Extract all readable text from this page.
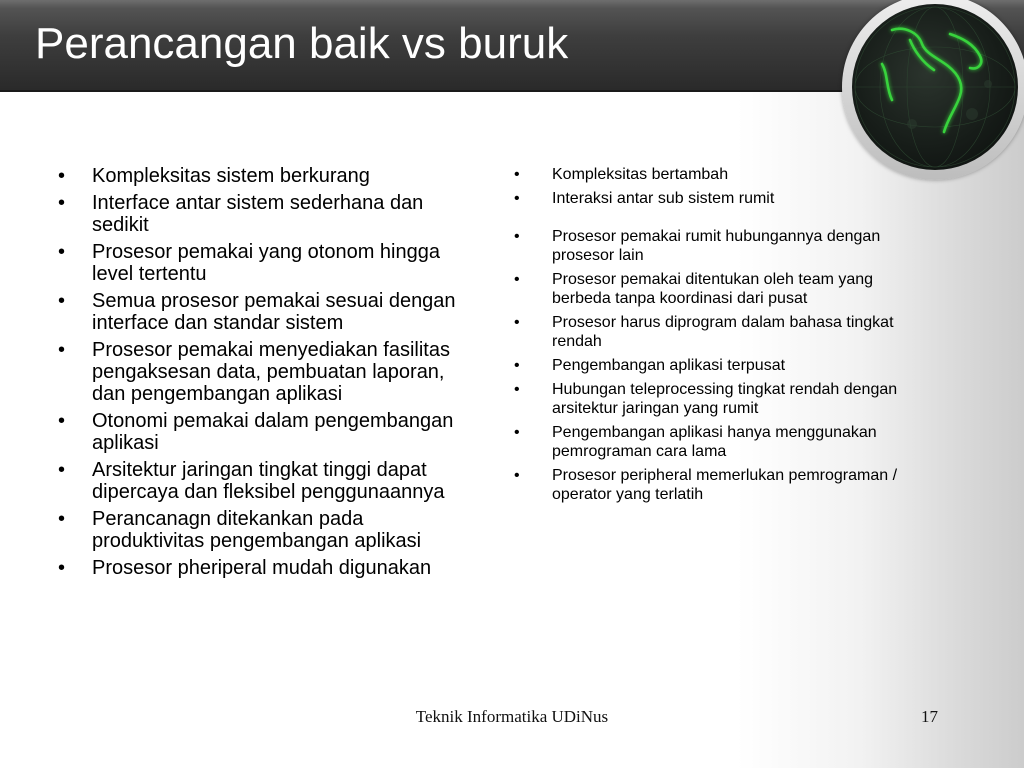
Perancangan baik vs buruk
• Kompleksitas sistem berkurang
• Interface antar sistem sederhana dan sedikit
• Prosesor pemakai yang otonom hingga level tertentu
• Semua prosesor pemakai sesuai dengan interface dan standar sistem
• Prosesor pemakai menyediakan fasilitas pengaksesan data, pembuatan laporan, dan pengembangan aplikasi
• Otonomi pemakai dalam pengembangan aplikasi
• Arsitektur jaringan tingkat tinggi dapat dipercaya dan fleksibel penggunaannya
• Perancanagn ditekankan pada produktivitas pengembangan aplikasi
• Prosesor pheriperal mudah digunakan
• Kompleksitas bertambah
• Interaksi antar sub sistem rumit
• Prosesor pemakai rumit hubungannya dengan prosesor lain
• Prosesor pemakai ditentukan oleh team yang berbeda tanpa koordinasi dari pusat
• Prosesor harus diprogram dalam bahasa tingkat rendah
• Pengembangan aplikasi terpusat
• Hubungan teleprocessing tingkat rendah dengan arsitektur jaringan yang rumit
• Pengembangan aplikasi hanya menggunakan pemrograman cara lama
• Prosesor peripheral memerlukan pemrograman / operator yang terlatih
Teknik Informatika UDiNus	17
